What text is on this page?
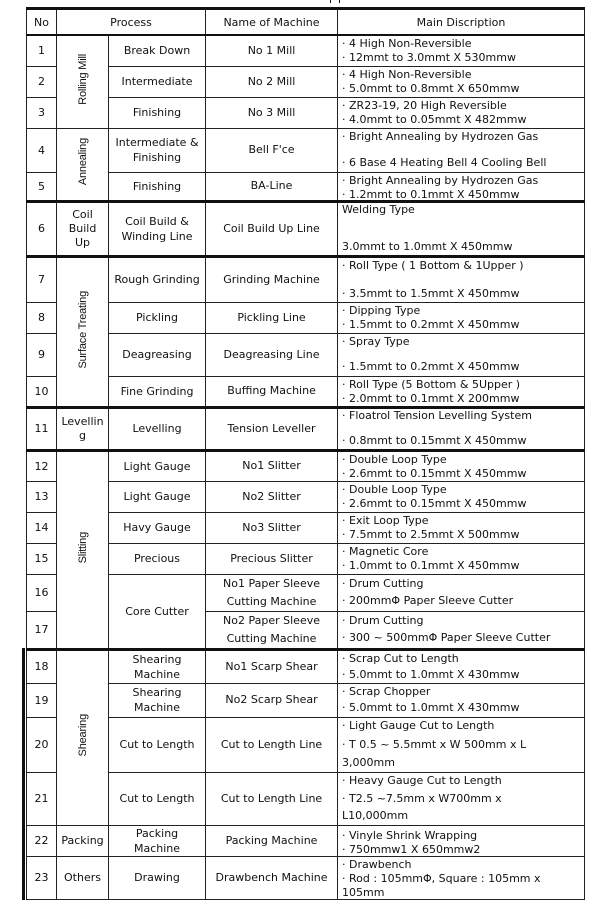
No	Process		Name of Machine	Main Discription
1	Rolling Mill	Break Down	No 1 Mill	· 4 High Non-Reversible
· 12mmt to 3.0mmt X 530mmw

2		Intermediate	No 2 Mill	· 4 High Non-Reversible
· 5.0mmt to 0.8mmt X 650mmw

3		Finishing	No 3 Mill	· ZR23-19, 20 High Reversible
· 4.0mmt to 0.05mmt X 482mmw

4	Annealing	Intermediate & Finishing	Bell F'ce	· Bright Annealing by Hydrozen Gas
· 6 Base 4 Heating Bell 4 Cooling Bell

5		Finishing	BA-Line	· Bright Annealing by Hydrozen Gas
· 1.2mmt to 0.1mmt X 450mmw

6	Coil Build Up	Coil Build & Winding Line	Coil Build Up Line	Welding Type
3.0mmt to 1.0mmt X 450mmw

7	Surface Treating	Rough Grinding	Grinding Machine	· Roll Type ( 1 Bottom & 1Upper )
· 3.5mmt to 1.5mmt X 450mmw

8		Pickling	Pickling Line	· Dipping Type
· 1.5mmt to 0.2mmt X 450mmw

9		Deagreasing	Deagreasing Line	· Spray Type
· 1.5mmt to 0.2mmt X 450mmw

10		Fine Grinding	Buffing Machine	· Roll Type (5 Bottom & 5Upper )
· 2.0mmt to 0.1mmt X 200mmw

11	Levellin g	Levelling	Tension Leveller	· Floatrol Tension Levelling System
· 0.8mmt to 0.15mmt X 450mmw

12	Slitting	Light Gauge	No1 Slitter	· Double Loop Type
· 2.6mmt to 0.15mmt X 450mmw

13		Light Gauge	No2 Slitter	· Double Loop Type
· 2.6mmt to 0.15mmt X 450mmw

14		Havy Gauge	No3 Slitter	· Exit Loop Type
· 7.5mmt to 2.5mmt X 500mmw

15		Precious	Precious Slitter	· Magnetic Core
· 1.0mmt to 0.1mmt X 450mmw

16		Core Cutter	No1 Paper Sleeve Cutting Machine	· Drum Cutting
· 200mmΦ Paper Sleeve Cutter

17			No2 Paper Sleeve Cutting Machine	· Drum Cutting
· 300 ~ 500mmΦ Paper Sleeve Cutter

18	Shearing	Shearing Machine	No1 Scarp Shear	· Scrap Cut to Length
· 5.0mmt to 1.0mmt X 430mmw

19		Shearing Machine	No2 Scarp Shear	· Scrap Chopper
· 5.0mmt to 1.0mmt X 430mmw

20		Cut to Length	Cut to Length Line	· Light Gauge Cut to Length
· T 0.5 ~ 5.5mmt x W 500mm x L
3,000mm

21		Cut to Length	Cut to Length Line	· Heavy Gauge Cut to Length
· T2.5 ~7.5mm x W700mm x
L10,000mm

22	Packing	Packing Machine	Packing Machine	· Vinyle Shrink Wrapping
· 750mmw1 X 650mmw2

23	Others	Drawing	Drawbench Machine	· Drawbench
· Rod : 105mmΦ, Square : 105mm x
105mm
